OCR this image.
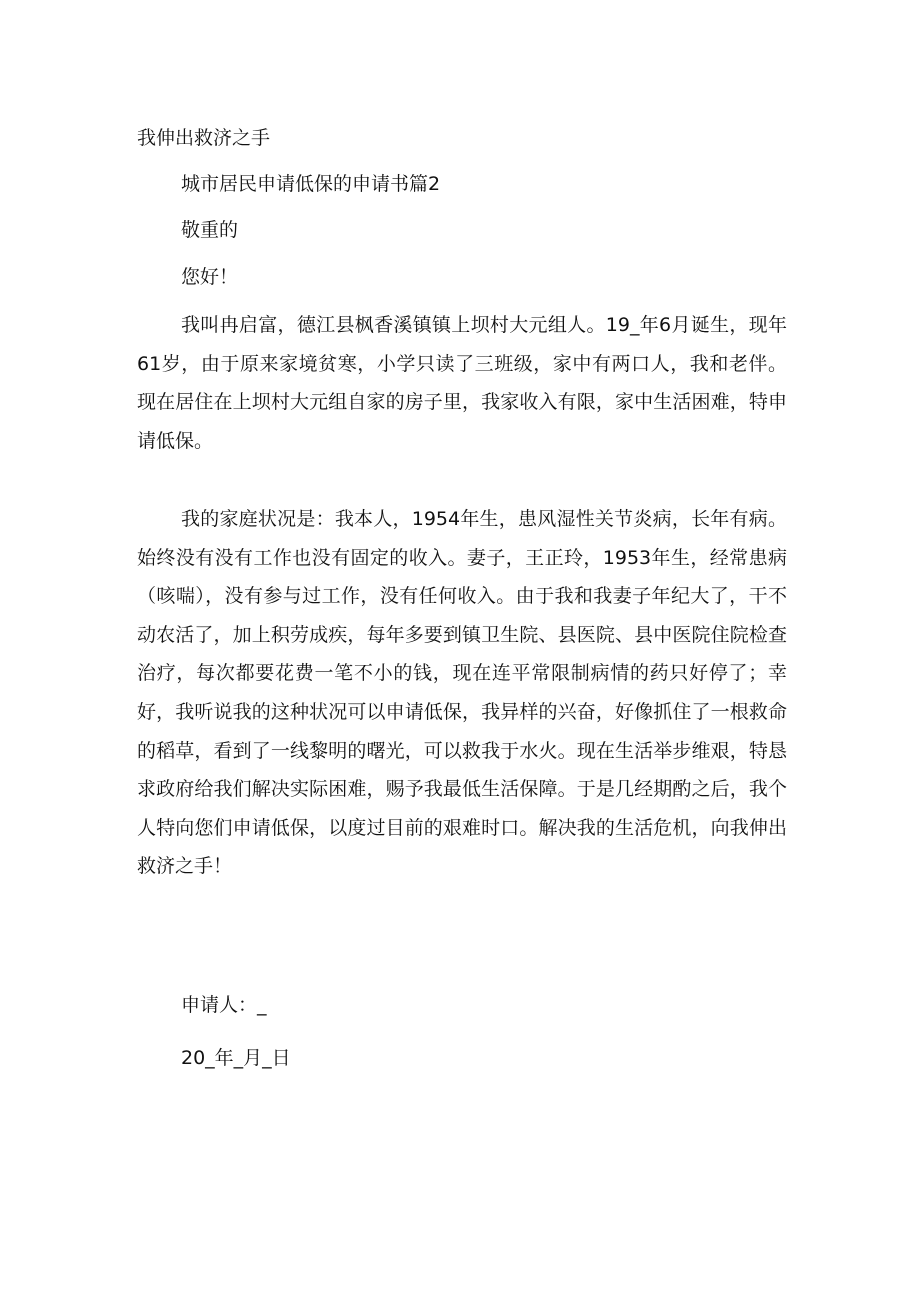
我伸出救济之手

城市居民申请低保的申请书篇2

敬重的

您好！

我叫冉启富，德江县枫香溪镇镇上坝村大元组人。19_年6月诞生，现年61岁，由于原来家境贫寒，小学只读了三班级，家中有两口人，我和老伴。现在居住在上坝村大元组自家的房子里，我家收入有限，家中生活困难，特申请低保。

我的家庭状况是：我本人，1954年生，患风湿性关节炎病，长年有病。始终没有没有工作也没有固定的收入。妻子，王正玲，1953年生，经常患病（咳喘），没有参与过工作，没有任何收入。由于我和我妻子年纪大了，干不动农活了，加上积劳成疾，每年多要到镇卫生院、县医院、县中医院住院检查治疗，每次都要花费一笔不小的钱，现在连平常限制病情的药只好停了；幸好，我听说我的这种状况可以申请低保，我异样的兴奋，好像抓住了一根救命的稻草，看到了一线黎明的曙光，可以救我于水火。现在生活举步维艰，特恳求政府给我们解决实际困难，赐予我最低生活保障。于是几经期酌之后，我个人特向您们申请低保，以度过目前的艰难时口。解决我的生活危机，向我伸出救济之手！

申请人：_

20_年_月_日
